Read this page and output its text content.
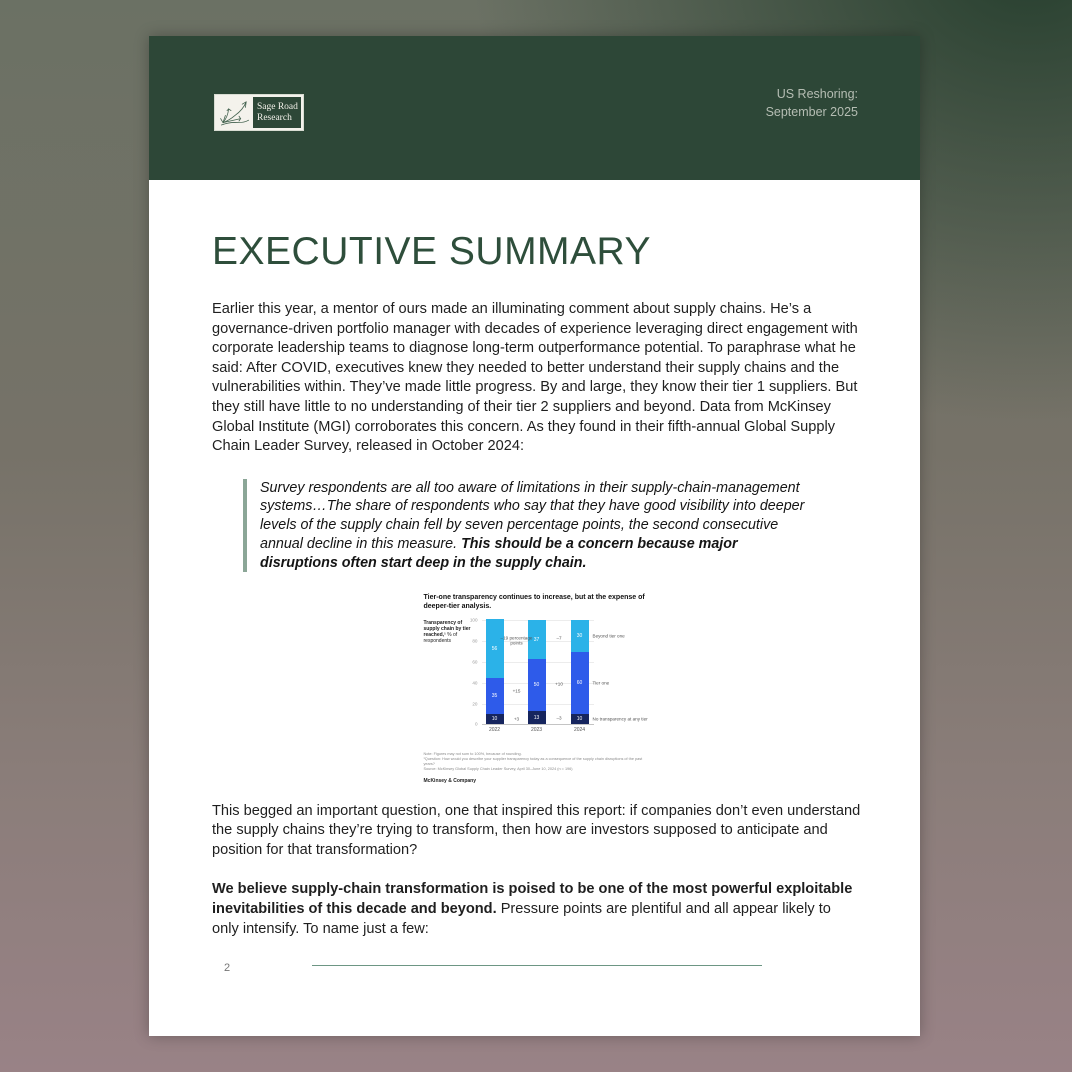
Sage Road
Research
US Reshoring:
September 2025
EXECUTIVE SUMMARY

Earlier this year, a mentor of ours made an illuminating comment about supply chains. He’s a governance-driven portfolio manager with decades of experience leveraging direct engagement with corporate leadership teams to diagnose long-term outperformance potential. To paraphrase what he said: After COVID, executives knew they needed to better understand their supply chains and the vulnerabilities within. They’ve made little progress. By and large, they know their tier 1 suppliers. But they still have little to no understanding of their tier 2 suppliers and beyond. Data from McKinsey Global Institute (MGI) corroborates this concern. As they found in their fifth-annual Global Supply Chain Leader Survey, released in October 2024:

Survey respondents are all too aware of limitations in their supply-chain-management systems…The share of respondents who say that they have good visibility into deeper levels of the supply chain fell by seven percentage points, the second consecutive annual decline in this measure. This should be a concern because major disruptions often start deep in the supply chain.
Tier-one transparency continues to increase, but at the expense of deeper-tier analysis.
Transparency of supply chain by tier reached,¹ % of respondents
0
20
40
60
80
100
56
35
10
2022
37
50
13
2023
30
60
10
2024
–19 percentage points
+15
+3
–7
+10
–3
Beyond tier one
Tier one
No transparency at any tier
Note: Figures may not sum to 100%, because of rounding.
¹Question: How would you describe your supplier transparency today as a consequence of the supply chain disruptions of the past years?
Source: McKinsey Global Supply Chain Leader Survey, April 30–June 10, 2024 (n = 196)
McKinsey & Company

This begged an important question, one that inspired this report: if companies don’t even understand the supply chains they’re trying to transform, then how are investors supposed to anticipate and position for that transformation?

We believe supply-chain transformation is poised to be one of the most powerful exploitable inevitabilities of this decade and beyond. Pressure points are plentiful and all appear likely to only intensify. To name just a few:

2
